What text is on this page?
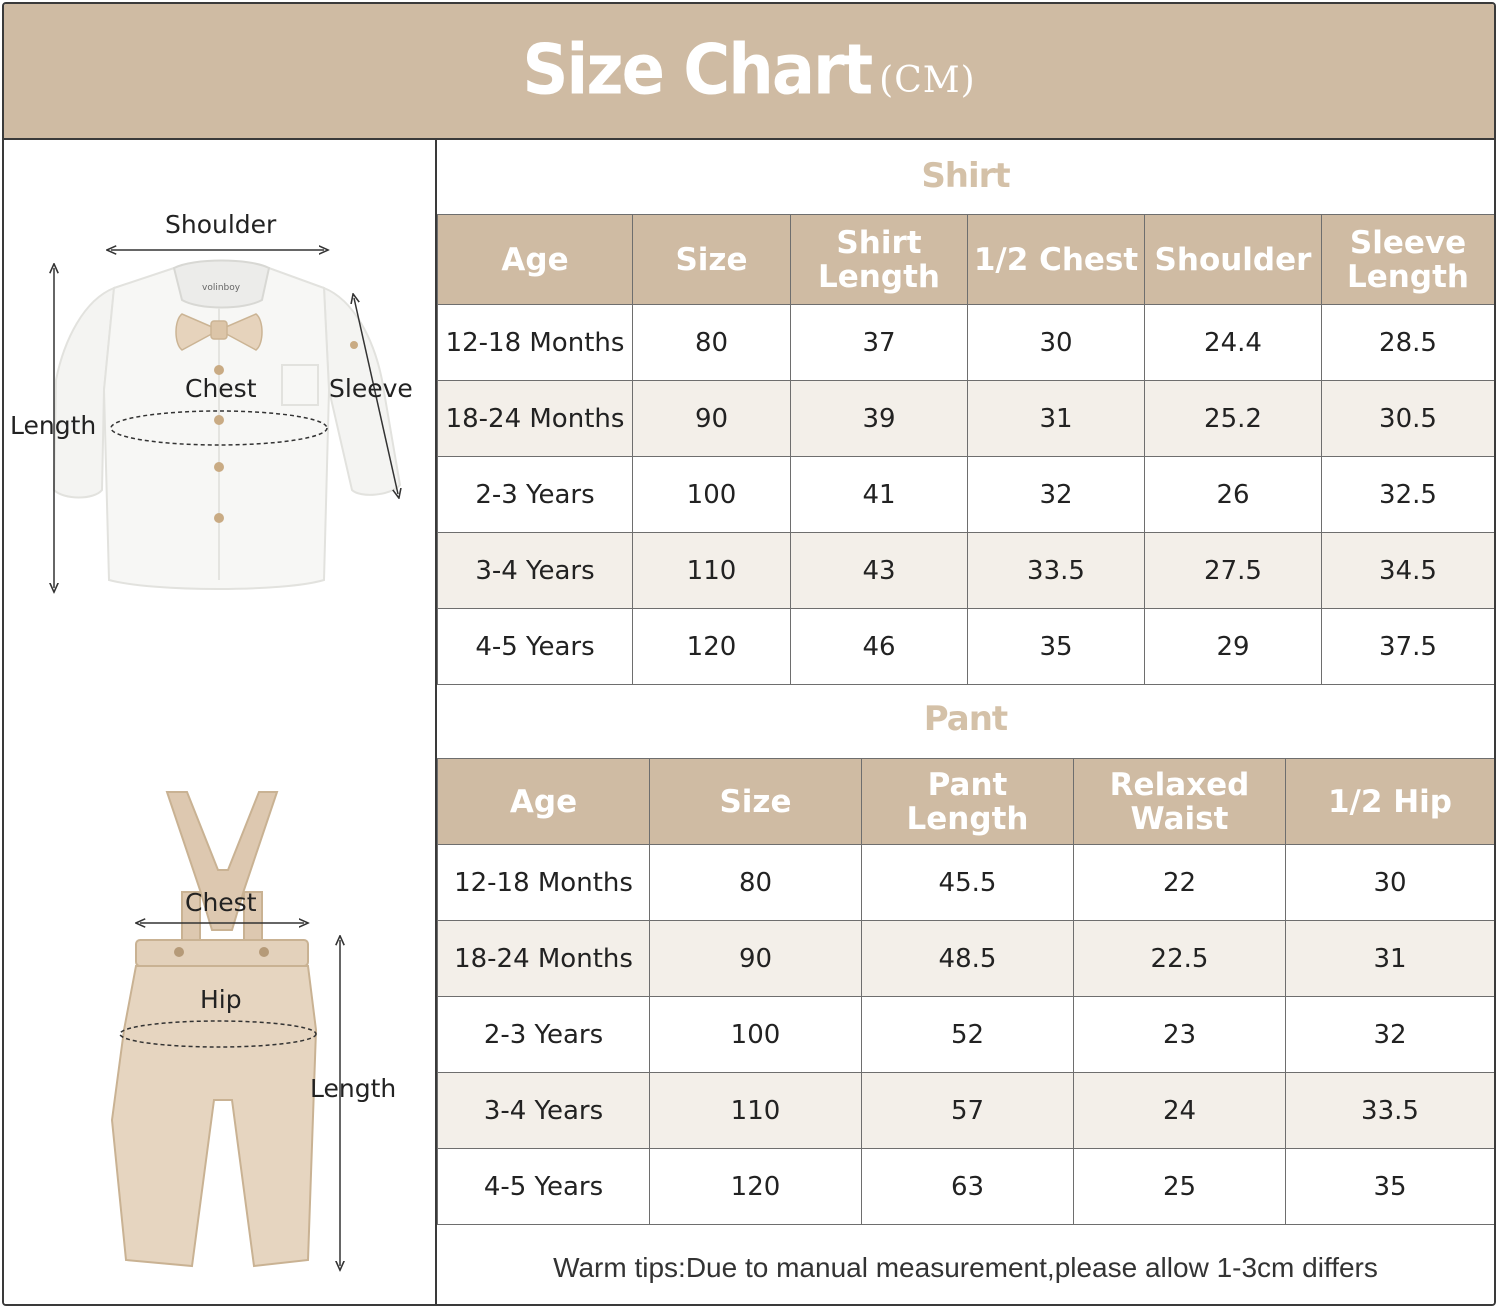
Size Chart (CM)
volinboy
Shoulder
Chest	Sleeve
Length
Chest
Hip
Length
Shirt
Age	Size	Shirt Length	1/2 Chest	Shoulder	Sleeve Length
12-18 Months	80	37	30	24.4	28.5
18-24 Months	90	39	31	25.2	30.5
2-3 Years	100	41	32	26	32.5
3-4 Years	110	43	33.5	27.5	34.5
4-5 Years	120	46	35	29	37.5
Pant
Age	Size	Pant Length	Relaxed Waist	1/2 Hip
12-18 Months	80	45.5	22	30
18-24 Months	90	48.5	22.5	31
2-3 Years	100	52	23	32
3-4 Years	110	57	24	33.5
4-5 Years	120	63	25	35
Warm tips:Due to manual measurement,please allow 1-3cm differs
